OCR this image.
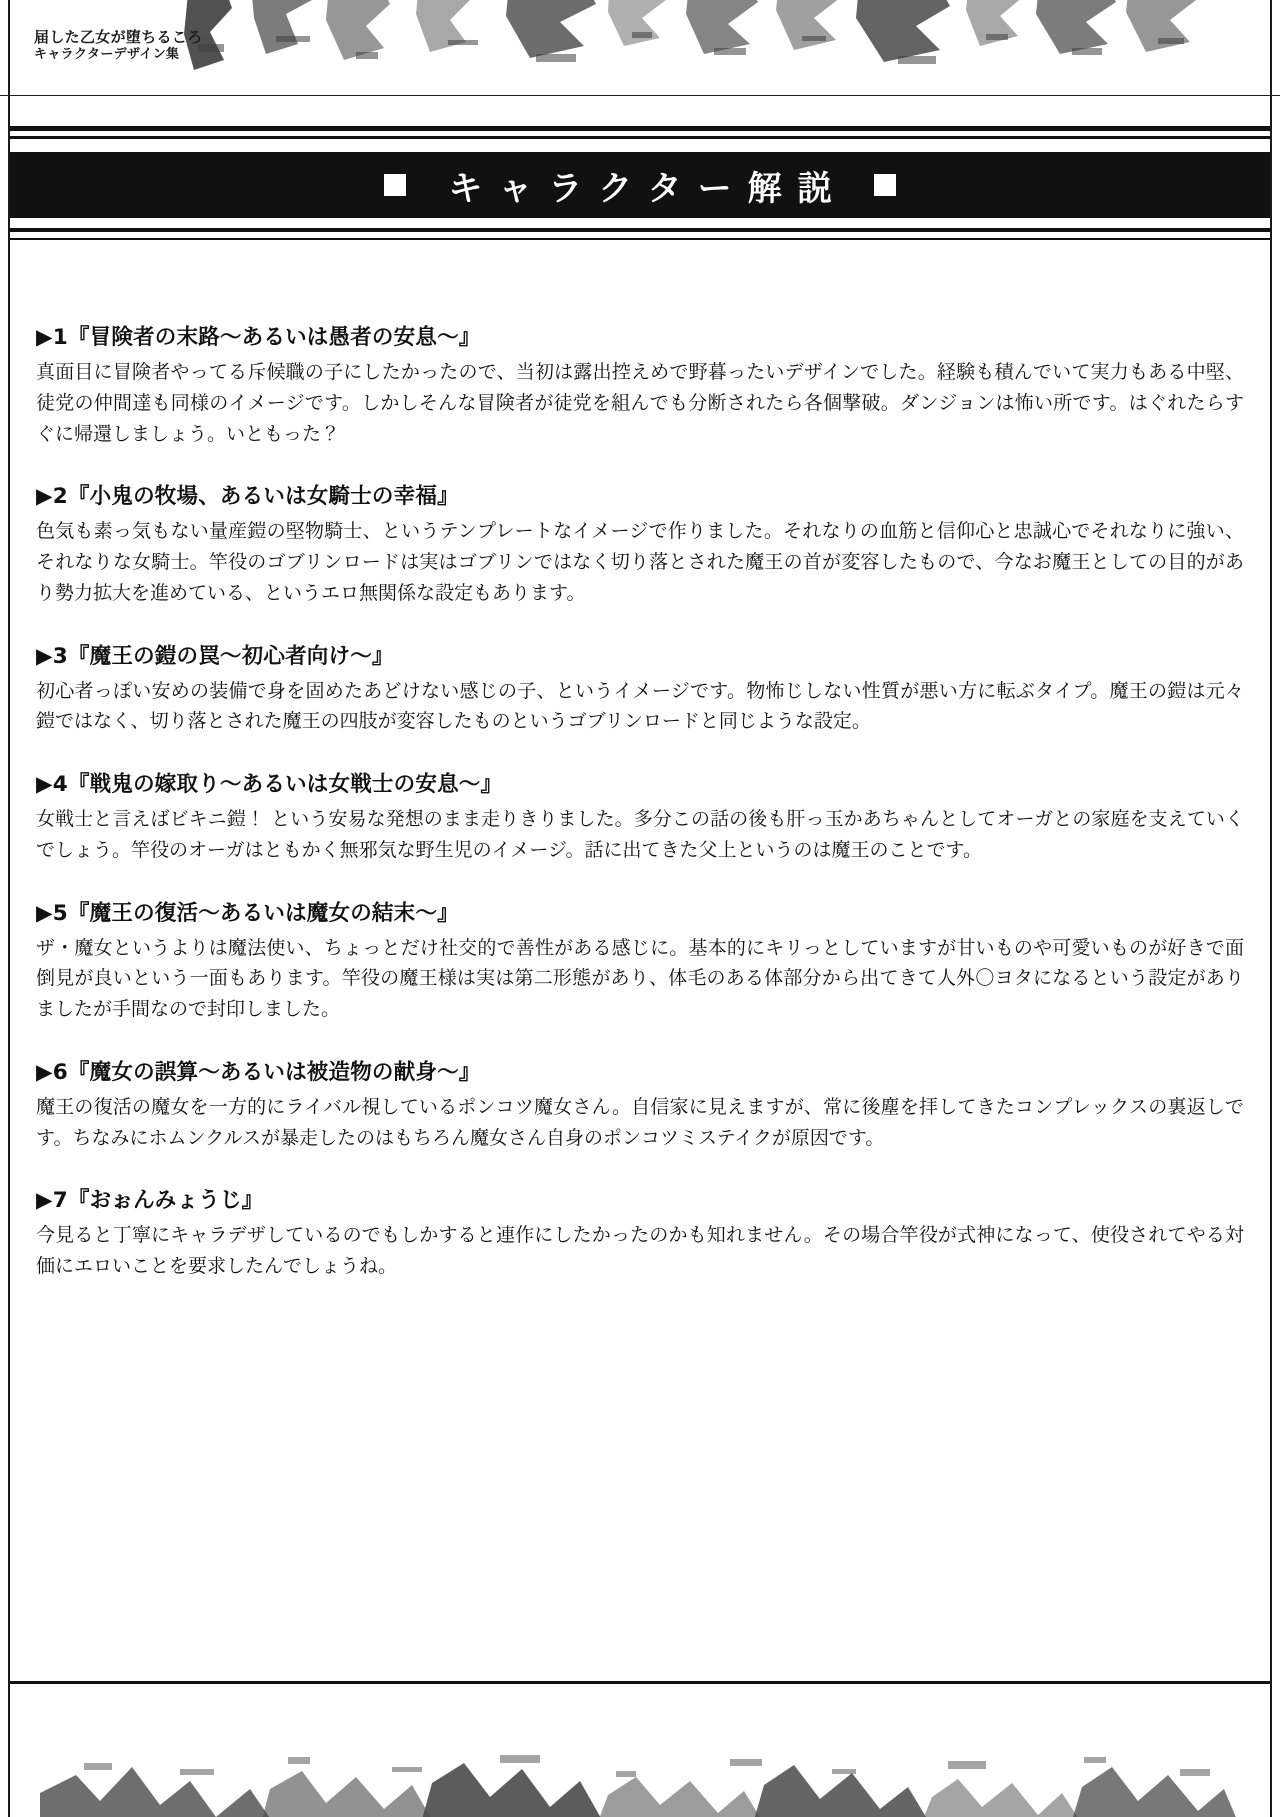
届した乙女が堕ちるころ
キャラクターデザイン集
キャラクター解説
▶1『冒険者の末路～あるいは愚者の安息～』

真面目に冒険者やってる斥候職の子にしたかったので、当初は露出控えめで野暮ったいデザインでした。経験も積んでいて実力もある中堅、徒党の仲間達も同様のイメージです。しかしそんな冒険者が徒党を組んでも分断されたら各個撃破。ダンジョンは怖い所です。はぐれたらすぐに帰還しましょう。いともった？

▶2『小鬼の牧場、あるいは女騎士の幸福』

色気も素っ気もない量産鎧の堅物騎士、というテンプレートなイメージで作りました。それなりの血筋と信仰心と忠誠心でそれなりに強い、それなりな女騎士。竿役のゴブリンロードは実はゴブリンではなく切り落とされた魔王の首が変容したもので、今なお魔王としての目的があり勢力拡大を進めている、というエロ無関係な設定もあります。

▶3『魔王の鎧の罠～初心者向け～』

初心者っぽい安めの装備で身を固めたあどけない感じの子、というイメージです。物怖じしない性質が悪い方に転ぶタイプ。魔王の鎧は元々鎧ではなく、切り落とされた魔王の四肢が変容したものというゴブリンロードと同じような設定。

▶4『戦鬼の嫁取り～あるいは女戦士の安息～』

女戦士と言えばビキニ鎧！ という安易な発想のまま走りきりました。多分この話の後も肝っ玉かあちゃんとしてオーガとの家庭を支えていくでしょう。竿役のオーガはともかく無邪気な野生児のイメージ。話に出てきた父上というのは魔王のことです。

▶5『魔王の復活～あるいは魔女の結末～』

ザ・魔女というよりは魔法使い、ちょっとだけ社交的で善性がある感じに。基本的にキリっとしていますが甘いものや可愛いものが好きで面倒見が良いという一面もあります。竿役の魔王様は実は第二形態があり、体毛のある体部分から出てきて人外〇ヨタになるという設定がありましたが手間なので封印しました。

▶6『魔女の誤算～あるいは被造物の献身～』

魔王の復活の魔女を一方的にライバル視しているポンコツ魔女さん。自信家に見えますが、常に後塵を拝してきたコンプレックスの裏返しです。ちなみにホムンクルスが暴走したのはもちろん魔女さん自身のポンコツミステイクが原因です。

▶7『おぉんみょうじ』

今見ると丁寧にキャラデザしているのでもしかすると連作にしたかったのかも知れません。その場合竿役が式神になって、使役されてやる対価にエロいことを要求したんでしょうね。
